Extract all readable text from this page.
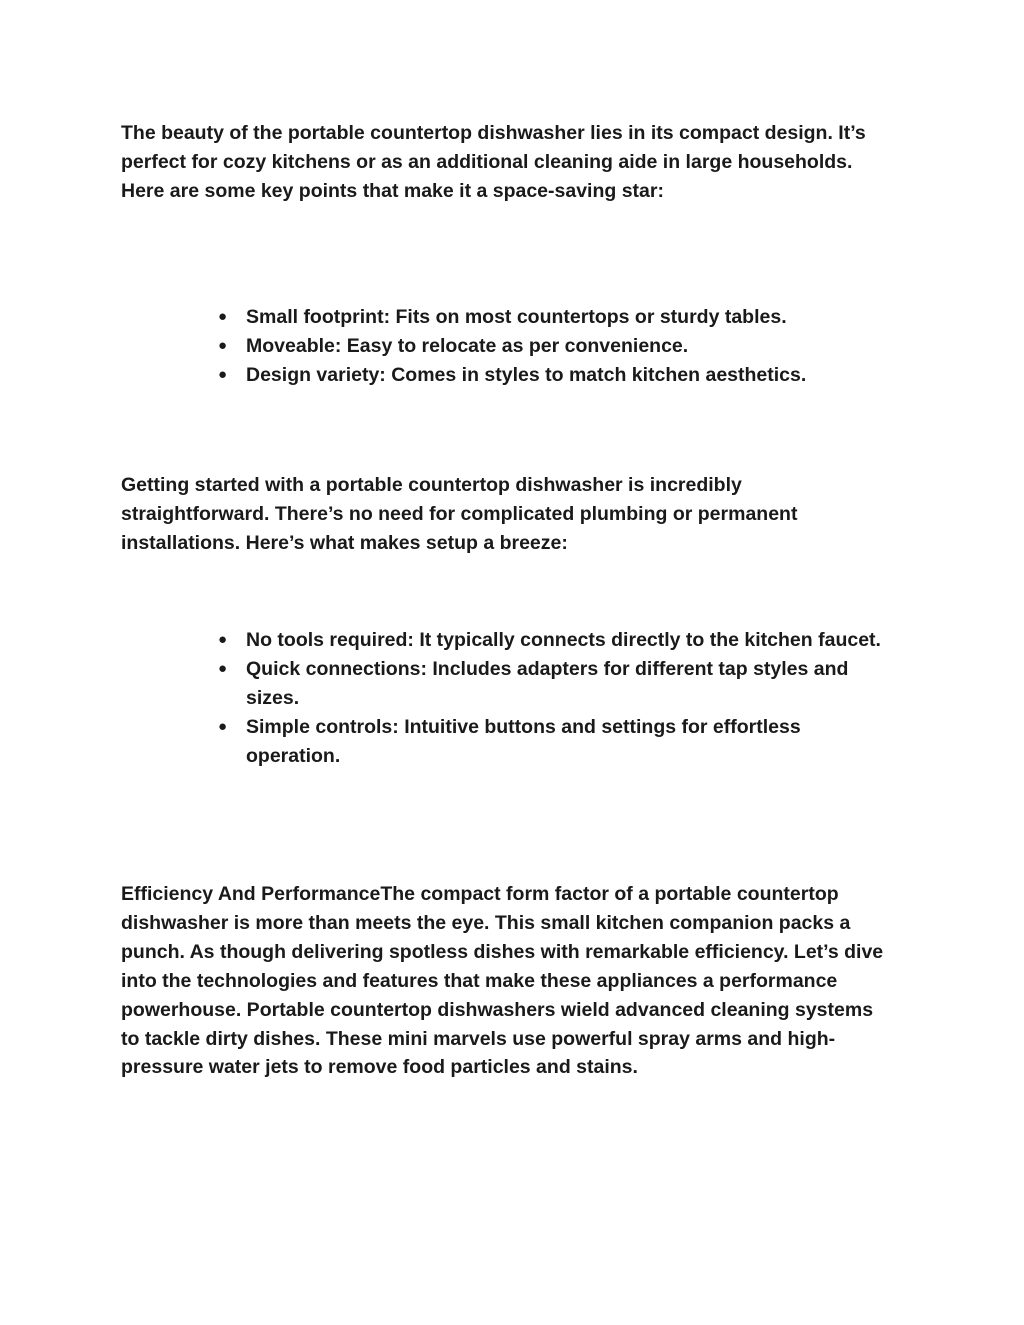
The beauty of the portable countertop dishwasher lies in its compact design. It’s perfect for cozy kitchens or as an additional cleaning aide in large households. Here are some key points that make it a space-saving star:

● Small footprint: Fits on most countertops or sturdy tables.
● Moveable: Easy to relocate as per convenience.
● Design variety: Comes in styles to match kitchen aesthetics.

Getting started with a portable countertop dishwasher is incredibly straightforward. There’s no need for complicated plumbing or permanent installations. Here’s what makes setup a breeze:

● No tools required: It typically connects directly to the kitchen faucet.
● Quick connections: Includes adapters for different tap styles and sizes.
● Simple controls: Intuitive buttons and settings for effortless operation.

Efficiency And PerformanceThe compact form factor of a portable countertop dishwasher is more than meets the eye. This small kitchen companion packs a punch. As though delivering spotless dishes with remarkable efficiency. Let’s dive into the technologies and features that make these appliances a performance powerhouse. Portable countertop dishwashers wield advanced cleaning systems to tackle dirty dishes. These mini marvels use powerful spray arms and high-pressure water jets to remove food particles and stains.
